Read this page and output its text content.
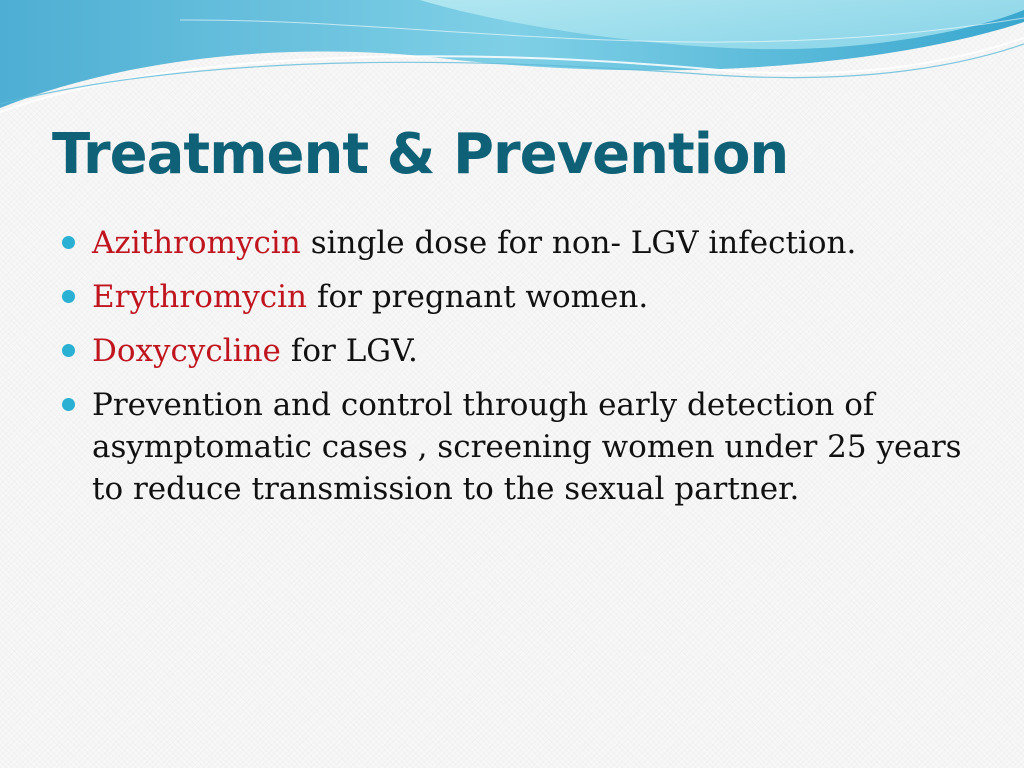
Treatment & Prevention
Azithromycin single dose for non- LGV infection.
Erythromycin for pregnant women.
Doxycycline for LGV.
Prevention and control through early detection of asymptomatic cases , screening women under 25 years to reduce transmission to the sexual partner.
